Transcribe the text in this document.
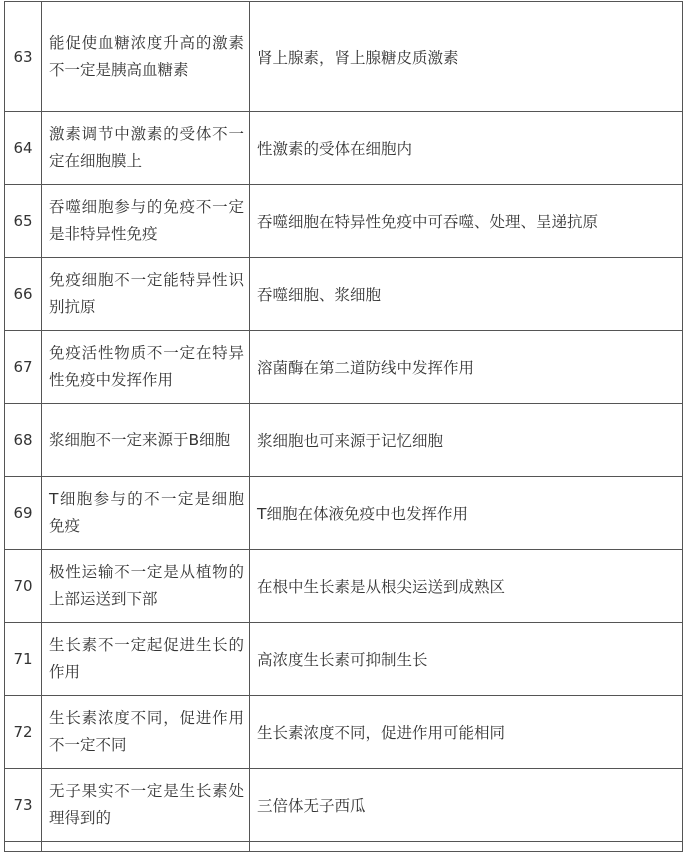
63	能促使血糖浓度升高的激素不一定是胰高血糖素	肾上腺素，肾上腺糖皮质激素
64	激素调节中激素的受体不一定在细胞膜上	性激素的受体在细胞内
65	吞噬细胞参与的免疫不一定是非特异性免疫	吞噬细胞在特异性免疫中可吞噬、处理、呈递抗原
66	免疫细胞不一定能特异性识别抗原	吞噬细胞、浆细胞
67	免疫活性物质不一定在特异性免疫中发挥作用	溶菌酶在第二道防线中发挥作用
68	浆细胞不一定来源于B细胞	浆细胞也可来源于记忆细胞
69	T细胞参与的不一定是细胞免疫	T细胞在体液免疫中也发挥作用
70	极性运输不一定是从植物的上部运送到下部	在根中生长素是从根尖运送到成熟区
71	生长素不一定起促进生长的作用	高浓度生长素可抑制生长
72	生长素浓度不同，促进作用不一定不同	生长素浓度不同，促进作用可能相同
73	无子果实不一定是生长素处理得到的	三倍体无子西瓜
